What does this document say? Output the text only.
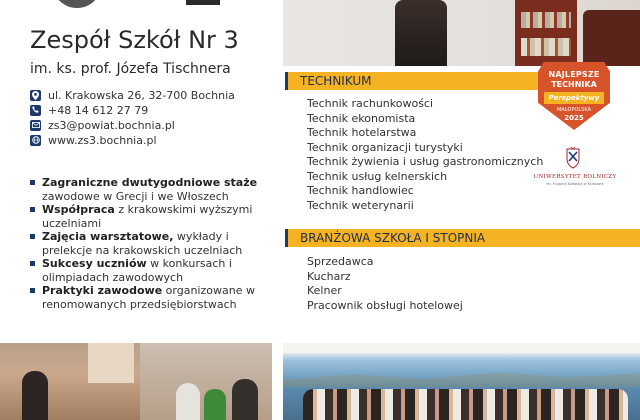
Zespół Szkół Nr 3
im. ks. prof. Józefa Tischnera
ul. Krakowska 26, 32-700 Bochnia
+48 14 612 27 79
zs3@powiat.bochnia.pl
www.zs3.bochnia.pl
Zagraniczne dwutygodniowe staże zawodowe w Grecji i we Włoszech
Współpraca z krakowskimi wyższymi uczelniami
Zajęcia warsztatowe, wykłady i prelekcje na krakowskich uczelniach
Sukcesy uczniów w konkursach i olimpiadach zawodowych
Praktyki zawodowe organizowane w renomowanych przedsiębiorstwach
TECHNIKUM
Technik rachunkowości
Technik ekonomista
Technik hotelarstwa
Technik organizacji turystyki
Technik żywienia i usług gastronomicznych
Technik usług kelnerskich
Technik handlowiec
Technik weterynarii
NAJLEPSZE
TECHNIKA
Perspektywy
MAŁOPOLSKA
2025
UNIWERSYTET ROLNICZY
im. Hugona Kołłątaja w Krakowie
BRANŻOWA SZKOŁA I STOPNIA
Sprzedawca
Kucharz
Kelner
Pracownik obsługi hotelowej
